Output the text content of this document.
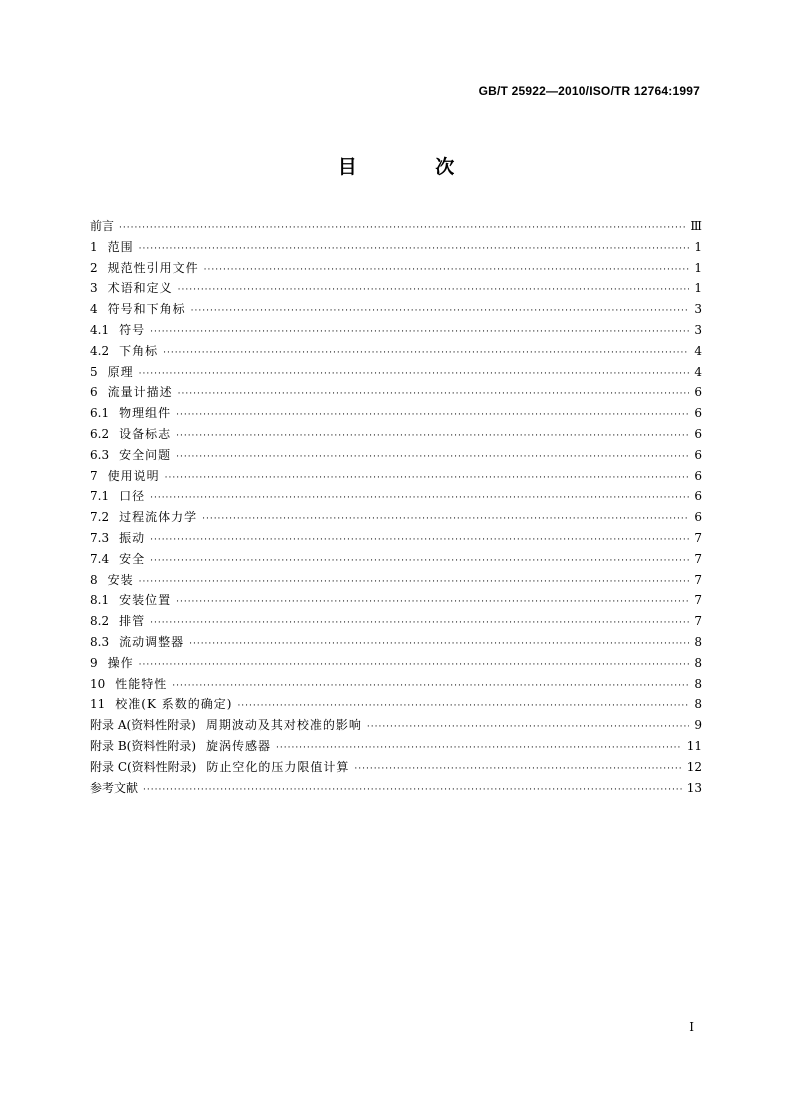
GB/T 25922—2010/ISO/TR 12764:1997
目 次
前言 ·····	Ⅲ
1 范围 ·····	1
2 规范性引用文件 ·····	1
3 术语和定义 ·····	1
4 符号和下角标 ·····	3
4.1 符号 ·····	3
4.2 下角标 ·····	4
5 原理 ·····	4
6 流量计描述 ·····	6
6.1 物理组件 ·····	6
6.2 设备标志 ·····	6
6.3 安全问题 ·····	6
7 使用说明 ·····	6
7.1 口径 ·····	6
7.2 过程流体力学 ·····	6
7.3 振动 ·····	7
7.4 安全 ·····	7
8 安装 ·····	7
8.1 安装位置 ·····	7
8.2 排管 ·····	7
8.3 流动调整器 ·····	8
9 操作 ·····	8
10 性能特性 ·····	8
11 校准(K 系数的确定) ·····	8
附录 A(资料性附录) 周期波动及其对校准的影响 ·····	9
附录 B(资料性附录) 旋涡传感器 ·····	11
附录 C(资料性附录) 防止空化的压力限值计算 ·····	12
参考文献 ·····	13
I
